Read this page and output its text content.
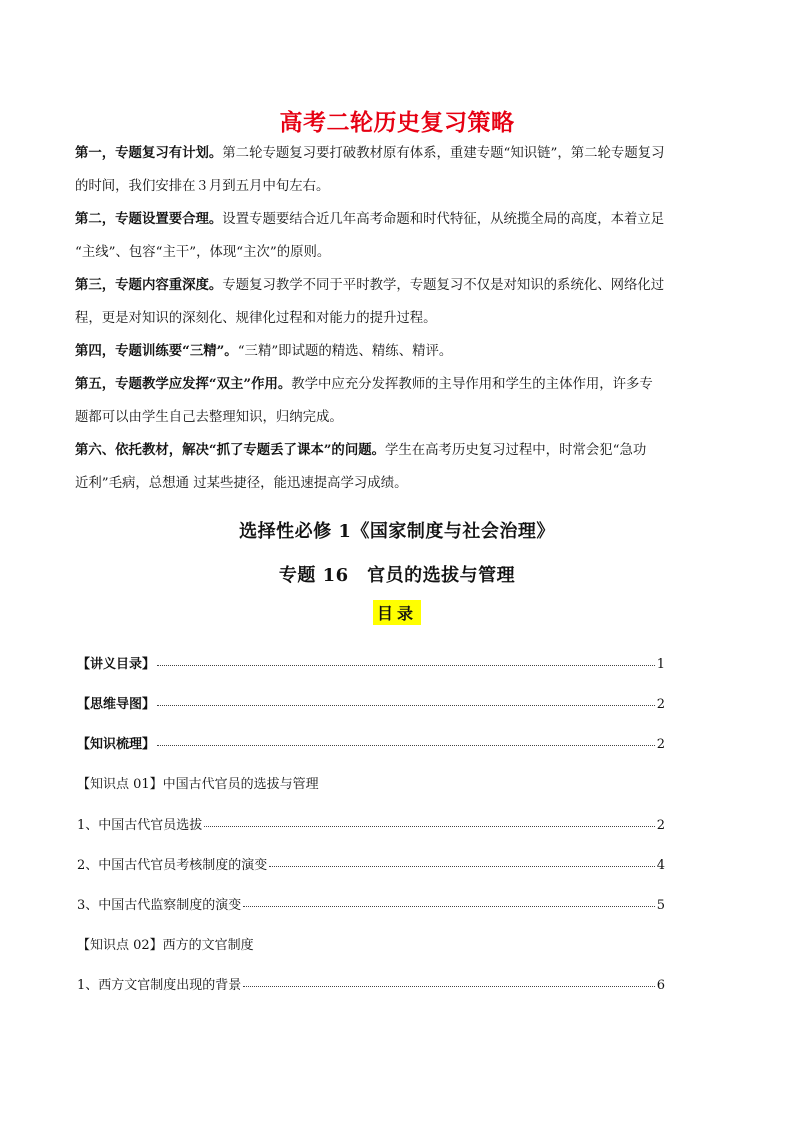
高考二轮历史复习策略

第一，专题复习有计划。第二轮专题复习要打破教材原有体系，重建专题“知识链”，第二轮专题复习
的时间，我们安排在３月到五月中旬左右。

第二，专题设置要合理。设置专题要结合近几年高考命题和时代特征，从统揽全局的高度，本着立足
“主线”、包容“主干”，体现“主次”的原则。

第三，专题内容重深度。专题复习教学不同于平时教学，专题复习不仅是对知识的系统化、网络化过
程，更是对知识的深刻化、规律化过程和对能力的提升过程。

第四，专题训练要“三精”。“三精”即试题的精选、精练、精评。

第五，专题教学应发挥“双主”作用。教学中应充分发挥教师的主导作用和学生的主体作用，许多专
题都可以由学生自己去整理知识，归纳完成。

第六、依托教材，解决“抓了专题丢了课本”的问题。学生在高考历史复习过程中，时常会犯“急功
近利”毛病，总想通 过某些捷径，能迅速提高学习成绩。

选择性必修 1《国家制度与社会治理》
专题 16　官员的选拔与管理
目录
【讲义目录】	1
【思维导图】	2
【知识梳理】	2
【知识点 01】中国古代官员的选拔与管理
1、中国古代官员选拔	2
2、中国古代官员考核制度的演变	4
3、中国古代监察制度的演变	5
【知识点 02】西方的文官制度
1、西方文官制度出现的背景	6
